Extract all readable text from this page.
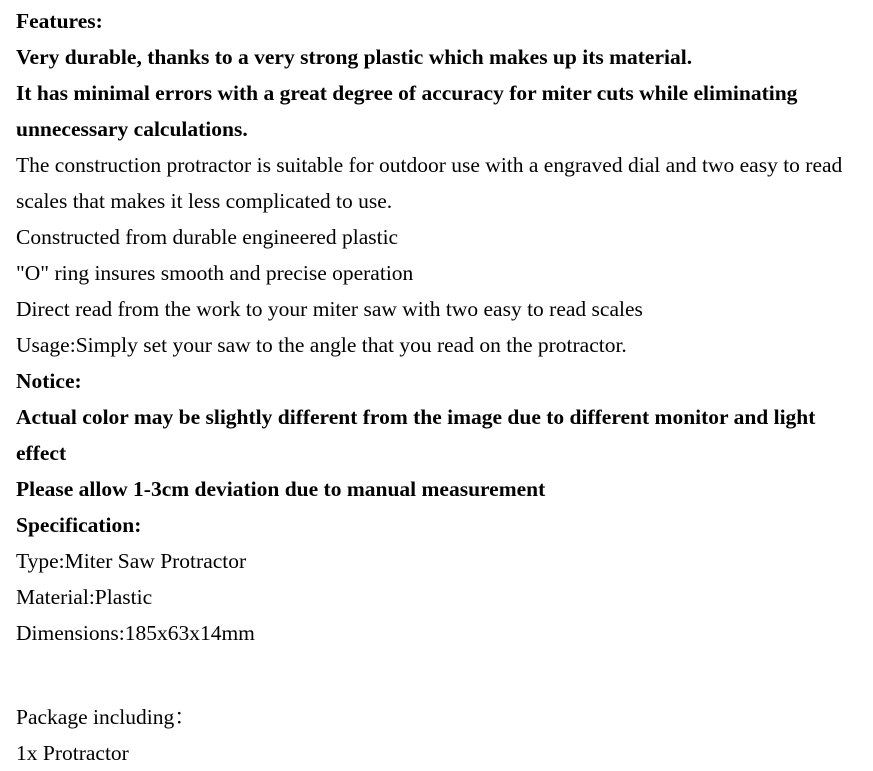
Features:
Very durable, thanks to a very strong plastic which makes up its material.
It has minimal errors with a great degree of accuracy for miter cuts while eliminating unnecessary calculations.
The construction protractor is suitable for outdoor use with a engraved dial and two easy to read scales that makes it less complicated to use.
Constructed from durable engineered plastic
"O" ring insures smooth and precise operation
Direct read from the work to your miter saw with two easy to read scales
Usage:Simply set your saw to the angle that you read on the protractor.
Notice:
Actual color may be slightly different from the image due to different monitor and light effect
Please allow 1-3cm deviation due to manual measurement
Specification:
Type:Miter Saw Protractor
Material:Plastic
Dimensions:185x63x14mm
Package including：
1x Protractor
